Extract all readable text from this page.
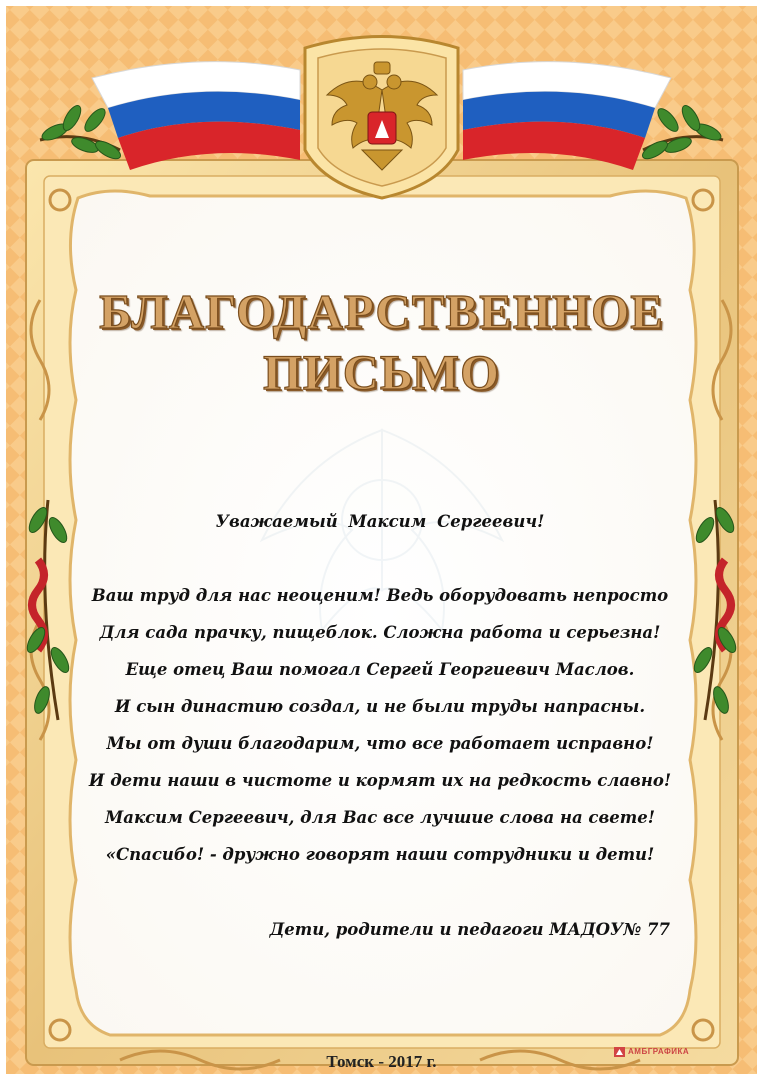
БЛАГОДАРСТВЕННОЕ
ПИСЬМО

Уважаемый Максим Сергеевич!

Ваш труд для нас неоценим! Ведь оборудовать непросто

Для сада прачку, пищеблок. Сложна работа и серьезна!

Еще отец Ваш помогал Сергей Георгиевич Маслов.

И сын династию создал, и не были труды напрасны.

Мы от души благодарим, что все работает исправно!

И дети наши в чистоте и кормят их на редкость славно!

Максим Сергеевич, для Вас все лучшие слова на свете!

«Спасибо! - дружно говорят наши сотрудники и дети!

Дети, родители и педагоги МАДОУ№ 77
Томск - 2017 г.
АМБГРАФИКА
